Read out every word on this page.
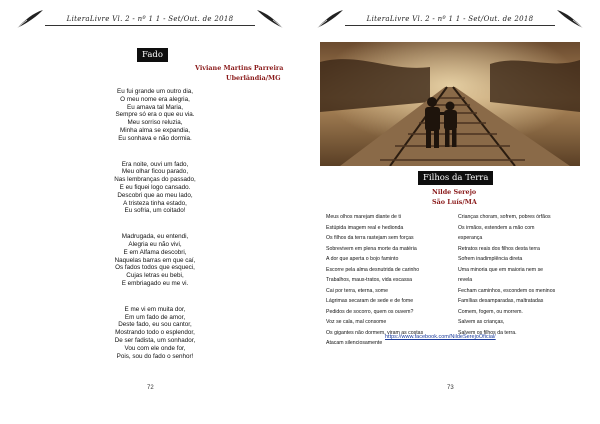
LiteraLivre Vl. 2 - nº 1 1 - Set/Out. de 2018
Fado
Viviane Martins Parreira
Uberlândia/MG
Eu fui grande um outro dia,
O meu nome era alegria,
Eu amava tal Maria,
Sempre só era o que eu via.
Meu sorriso reluzia,
Minha alma se expandia,
Eu sonhava e não dormia.
Era noite, ouvi um fado,
Meu olhar ficou parado,
Nas lembranças do passado,
E eu fiquei logo cansado.
Descobri que ao meu lado,
A tristeza tinha estado,
Eu sofria, um coitado!
Madrugada, eu entendi,
Alegria eu não vivi,
E em Alfama descobri,
Naquelas barras em que caí,
Os fados todos que esqueci,
Cujas letras eu bebi,
E embriagado eu me vi.
E me vi em muita dor,
Em um fado de amor,
Deste fado, eu sou cantor,
Mostrando todo o esplendor,
De ser fadista, um sonhador,
Vou com ele onde for,
Pois, sou do fado o senhor!
72
LiteraLivre Vl. 2 - nº 1 1 - Set/Out. de 2018
Filhos da Terra
Nilde Serejo
São Luís/MA
Meus olhos marejam diante de ti
Estúpida imagem real e hedionda
Os filhos da terra rastejam sem forças
Sobrevivem em plena morte da matéria
A dor que aperta o bojo faminto
Escorre pela alma desnutrida de carinho
Trabalhos, maus-tratos, vida escassa
Cai por terra, eterna, some
Lágrimas secaram de sede e de fome
Pedidos de socorro, quem os ouvem?
Voz se cala, mal consome
Os gigantes não dormem, viram as costas
Atacam silenciosamente
Crianças choram, sofrem, pobres órfãos
Os irmãos, estendem a mão com
esperança
Retratos reais dos filhos desta terra
Sofrem inadimplência direta
Uma minoria que em maioria nem se
revela
Fecham caminhos, escondem os meninos
Famílias desamparadas, maltratadas
Comem, fogem, ou morrem.
Salvem as crianças,
Salvem os filhos da terra.
https://www.facebook.com/NildeSerejoOficial/
73
